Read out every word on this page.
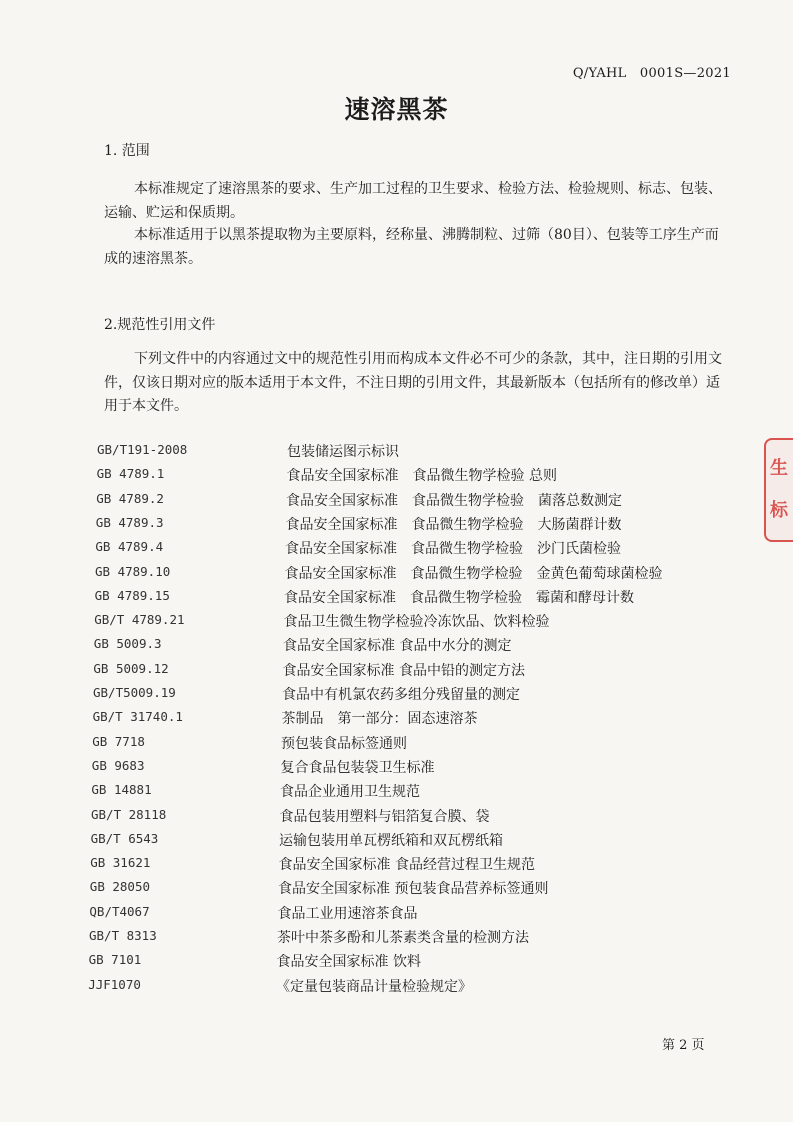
Q/YAHL　0001S—2021
速溶黑茶
1. 范围
本标准规定了速溶黑茶的要求、生产加工过程的卫生要求、检验方法、检验规则、标志、包装、运输、贮运和保质期。
本标准适用于以黑茶提取物为主要原料，经称量、沸腾制粒、过筛（80目）、包装等工序生产而成的速溶黑茶。
2.规范性引用文件
下列文件中的内容通过文中的规范性引用而构成本文件必不可少的条款，其中，注日期的引用文件，仅该日期对应的版本适用于本文件，不注日期的引用文件，其最新版本（包括所有的修改单）适用于本文件。
GB/T191-2008	包装储运图示标识
GB 4789.1	食品安全国家标准　食品微生物学检验 总则
GB 4789.2	食品安全国家标准　食品微生物学检验　菌落总数测定
GB 4789.3	食品安全国家标准　食品微生物学检验　大肠菌群计数
GB 4789.4	食品安全国家标准　食品微生物学检验　沙门氏菌检验
GB 4789.10	食品安全国家标准　食品微生物学检验　金黄色葡萄球菌检验
GB 4789.15	食品安全国家标准　食品微生物学检验　霉菌和酵母计数
GB/T 4789.21	食品卫生微生物学检验冷冻饮品、饮料检验
GB 5009.3	食品安全国家标准 食品中水分的测定
GB 5009.12	食品安全国家标准 食品中铅的测定方法
GB/T5009.19	食品中有机氯农药多组分残留量的测定
GB/T 31740.1	茶制品　第一部分：固态速溶茶
GB 7718	预包装食品标签通则
GB 9683	复合食品包装袋卫生标准
GB 14881	食品企业通用卫生规范
GB/T 28118	食品包装用塑料与铝箔复合膜、袋
GB/T 6543	运输包装用单瓦楞纸箱和双瓦楞纸箱
GB 31621	食品安全国家标准 食品经营过程卫生规范
GB 28050	食品安全国家标准 预包装食品营养标签通则
QB/T4067	食品工业用速溶茶食品
GB/T 8313	茶叶中茶多酚和儿茶素类含量的检测方法
GB 7101	食品安全国家标准 饮料
JJF1070	《定量包装商品计量检验规定》
第 2 页
生
标
